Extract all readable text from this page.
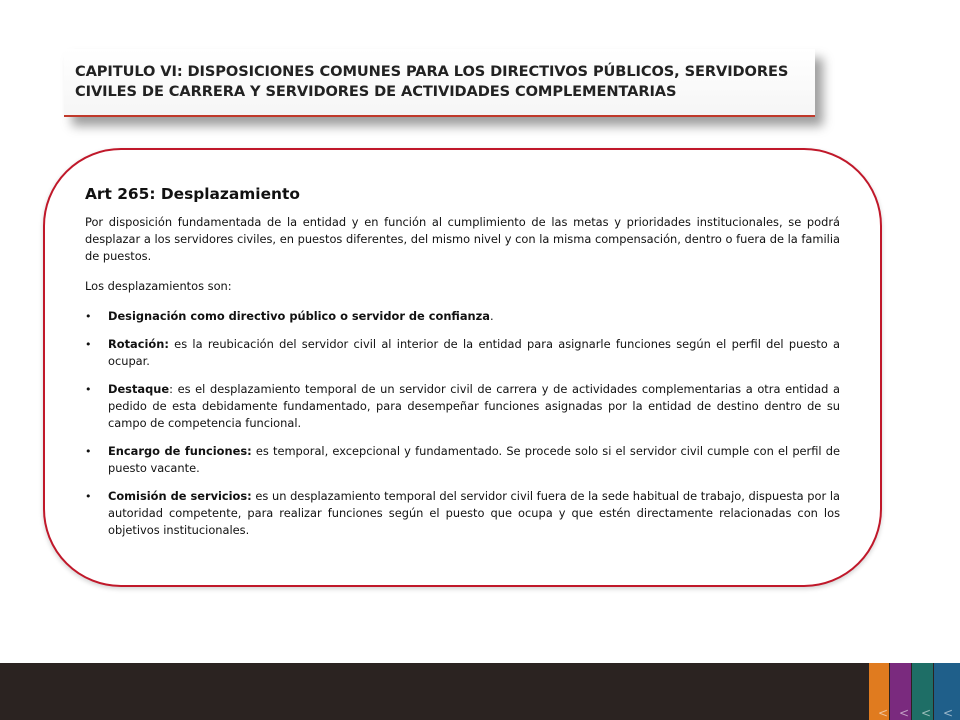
CAPITULO VI: DISPOSICIONES COMUNES PARA LOS DIRECTIVOS PÚBLICOS, SERVIDORES CIVILES DE CARRERA Y SERVIDORES DE ACTIVIDADES COMPLEMENTARIAS

Art 265: Desplazamiento

Por disposición fundamentada de la entidad y en función al cumplimiento de las metas y prioridades institucionales, se podrá desplazar a los servidores civiles, en puestos diferentes, del mismo nivel y con la misma compensación, dentro o fuera de la familia de puestos.

Los desplazamientos son:

• Designación como directivo público o servidor de confianza.
• Rotación: es la reubicación del servidor civil al interior de la entidad para asignarle funciones según el perfil del puesto a ocupar.
• Destaque: es el desplazamiento temporal de un servidor civil de carrera y de actividades complementarias a otra entidad a pedido de esta debidamente fundamentado, para desempeñar funciones asignadas por la entidad de destino dentro de su campo de competencia funcional.
• Encargo de funciones: es temporal, excepcional y fundamentado. Se procede solo si el servidor civil cumple con el perfil de puesto vacante.
• Comisión de servicios: es un desplazamiento temporal del servidor civil fuera de la sede habitual de trabajo, dispuesta por la autoridad competente, para realizar funciones según el puesto que ocupa y que estén directamente relacionadas con los objetivos institucionales.
< < < <
